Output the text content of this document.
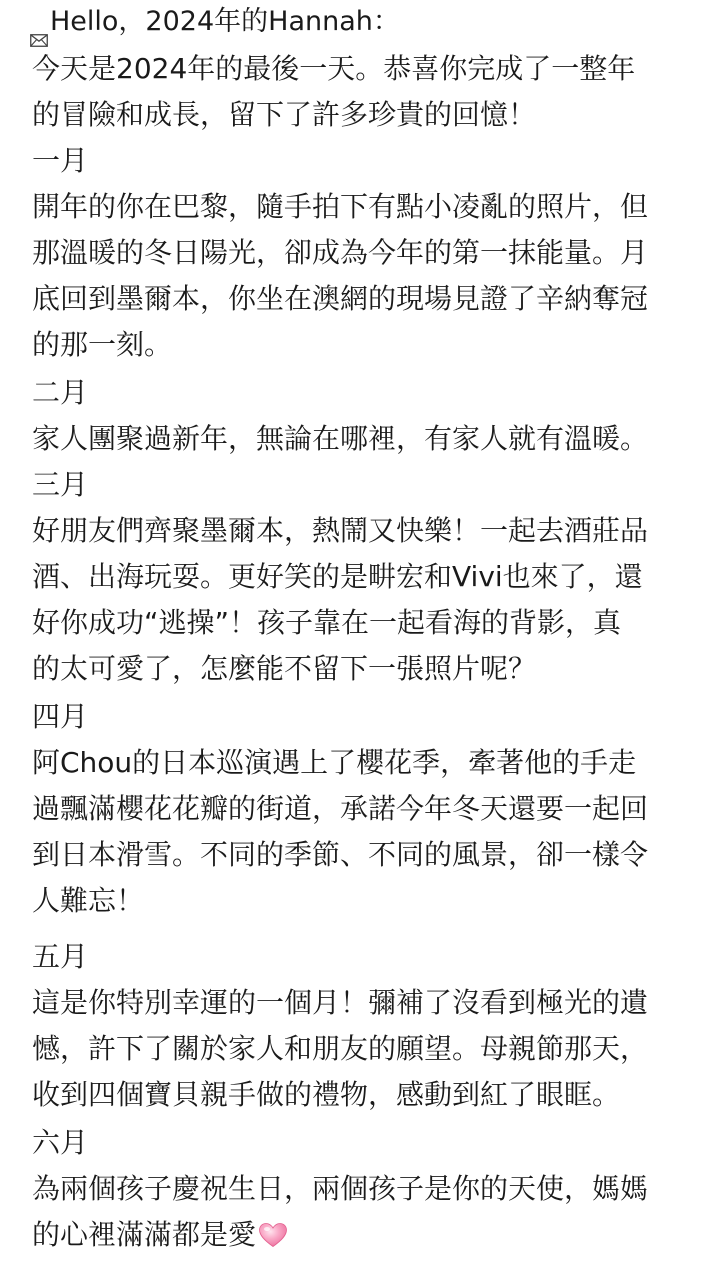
Hello，2024年的Hannah：
今天是2024年的最後一天。恭喜你完成了一整年
的冒險和成長，留下了許多珍貴的回憶！
一月
開年的你在巴黎，隨手拍下有點小凌亂的照片，但
那溫暖的冬日陽光，卻成為今年的第一抹能量。月
底回到墨爾本，你坐在澳網的現場見證了辛納奪冠
的那一刻。
二月
家人團聚過新年，無論在哪裡，有家人就有溫暖。
三月
好朋友們齊聚墨爾本，熱鬧又快樂！一起去酒莊品
酒、出海玩耍。更好笑的是畊宏和Vivi也來了，還
好你成功“逃操”！孩子靠在一起看海的背影，真
的太可愛了，怎麼能不留下一張照片呢？
四月
阿Chou的日本巡演遇上了櫻花季，牽著他的手走
過飄滿櫻花花瓣的街道，承諾今年冬天還要一起回
到日本滑雪。不同的季節、不同的風景，卻一樣令
人難忘！
五月
這是你特別幸運的一個月！彌補了沒看到極光的遺
憾，許下了關於家人和朋友的願望。母親節那天，
收到四個寶貝親手做的禮物，感動到紅了眼眶。
六月
為兩個孩子慶祝生日，兩個孩子是你的天使，媽媽
的心裡滿滿都是愛
